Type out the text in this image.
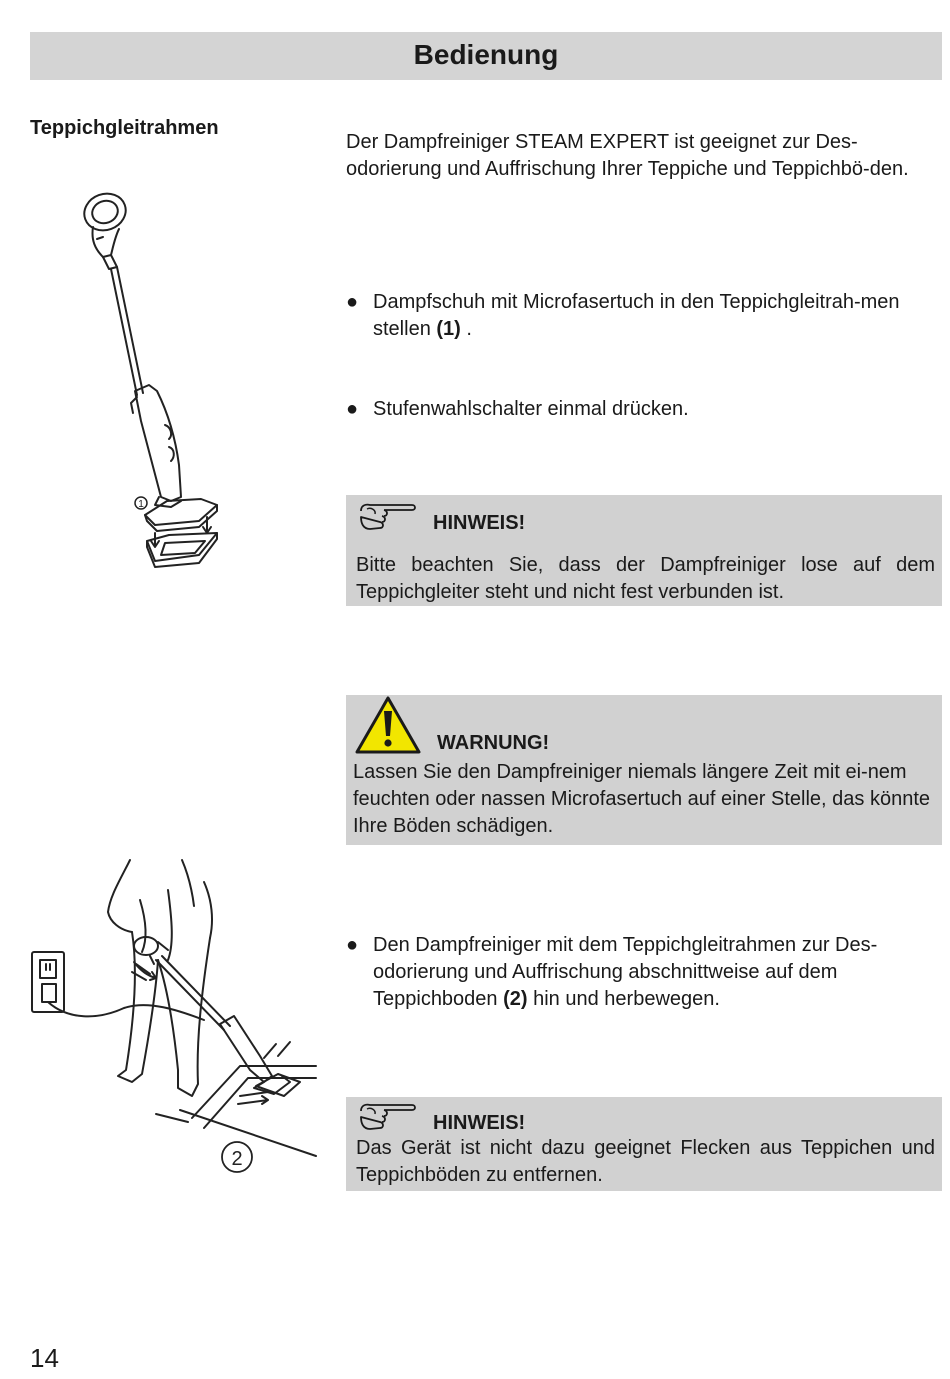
Bedienung
Teppichgleitrahmen

Der Dampfreiniger STEAM EXPERT ist geeignet zur Des-odorierung und Auffrischung Ihrer Teppiche und Teppichbö-den.

● Dampfschuh mit Microfasertuch in den Teppichgleitrah-men stellen (1) .
● Stufenwahlschalter einmal drücken.
HINWEIS!

Bitte beachten Sie, dass der Dampfreiniger lose auf dem Teppichgleiter steht und nicht fest verbunden ist.

WARNUNG!

Lassen Sie den Dampfreiniger niemals längere Zeit mit ei-nem feuchten oder nassen Microfasertuch auf einer Stelle, das könnte Ihre Böden schädigen.

● Den Dampfreiniger mit dem Teppichgleitrahmen zur Des-odorierung und Auffrischung abschnittweise auf dem Teppichboden (2) hin und herbewegen.
HINWEIS!

Das Gerät ist nicht dazu geeignet Flecken aus Teppichen und Teppichböden zu entfernen.

1
2
14
